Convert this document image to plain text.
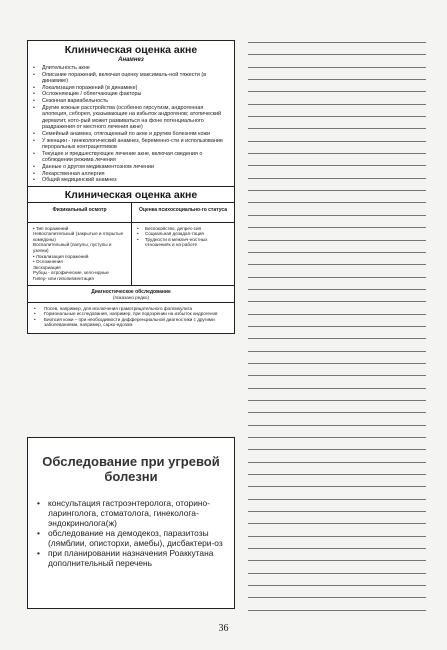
Клиническая оценка акне
Анамнез
• Длительность акне
• Описание поражений, включая оценку максималь-ной тяжести (в динамике)
• Локализация поражений (в динамике)
• Осложняющие / облегчающие факторы
• Сезонная вариабельность
• Другие кожные расстройства (особенно гирсутизм, андрогенная алопеция, себорея, указывающие на избыток андрогенов; атопический дерматит, кото-рый может развиваться на фоне потенциального раздражения от местного лечения акне)
• Семейный анамнез, отягощенный по акне и другим болезням кожи
• У женщин - гинекологический анамнез, беременно-сти и использование пероральных контрацептивов
• Текущее и предшествующее лечение акне, включая сведения о соблюдении режима лечения
• Данные о другом медикаментозном лечении
• Лекарственная аллергия
• Общий медицинский анамнез
Клиническая оценка акне
Физикальный осмотр
• Тип поражений
Невоспалительный (закрытые и открытые комедоны)
Воспалительный (папулы, пустулы и узелки)
• Локализация поражений
• Осложнения
Экскориация
Рубцы - атрофические, кело-идные
Гипер- или гипопигментация
Оценка психосоциально-го статуса
• Беспокойство, депрес-сия
• Социальная дезадап-тация
• Трудности в межлич-ностных отношениях и на работе
Диагностическое обследование
(показано редко)
• Посев, например, для исключения грамотрицательного фолликулита
• Гормональные исследования, например, при подозрении на избыток андрогенов
• Биопсия кожи – при необходимости дифференциальной диагностики с другими заболеваниями, например, сарко-идозом
Обследование при угревой болезни
• консультация гастроэнтеролога, оторино-ларинголога, стоматолога, гинеколога-эндокринолога(ж)
• обследование на демодекоз, паразитозы (лямблии, описторхи, амебы), дисбактери-оз
• при планировании назначения Роаккутана дополнительный перечень
36
